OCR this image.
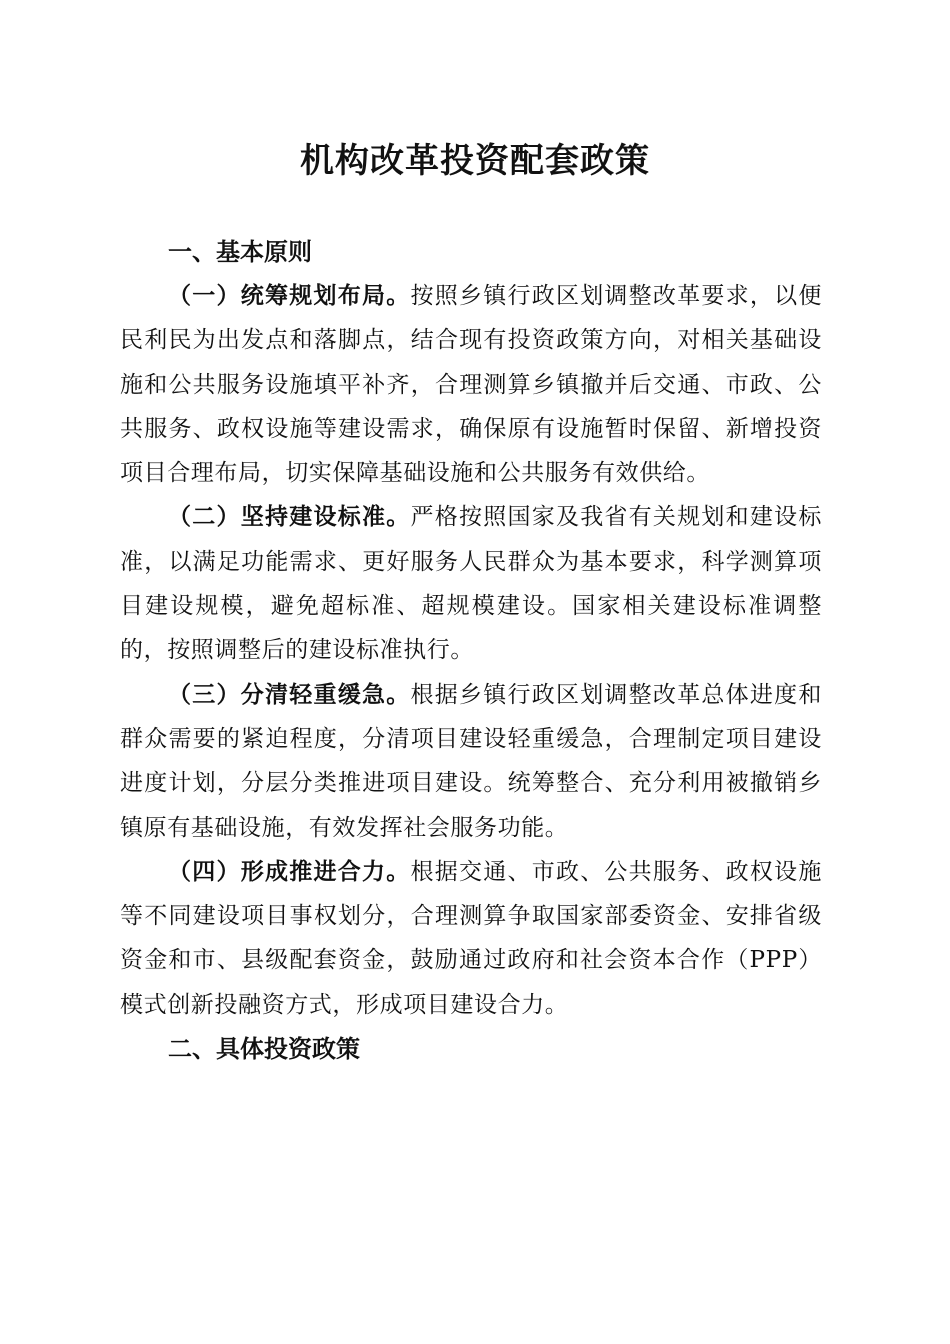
机构改革投资配套政策

一、基本原则

（一）统筹规划布局。按照乡镇行政区划调整改革要求，以便民利民为出发点和落脚点，结合现有投资政策方向，对相关基础设施和公共服务设施填平补齐，合理测算乡镇撤并后交通、市政、公共服务、政权设施等建设需求，确保原有设施暂时保留、新增投资项目合理布局，切实保障基础设施和公共服务有效供给。

（二）坚持建设标准。严格按照国家及我省有关规划和建设标准，以满足功能需求、更好服务人民群众为基本要求，科学测算项目建设规模，避免超标准、超规模建设。国家相关建设标准调整的，按照调整后的建设标准执行。

（三）分清轻重缓急。根据乡镇行政区划调整改革总体进度和群众需要的紧迫程度，分清项目建设轻重缓急，合理制定项目建设进度计划，分层分类推进项目建设。统筹整合、充分利用被撤销乡镇原有基础设施，有效发挥社会服务功能。

（四）形成推进合力。根据交通、市政、公共服务、政权设施等不同建设项目事权划分，合理测算争取国家部委资金、安排省级资金和市、县级配套资金，鼓励通过政府和社会资本合作（PPP）模式创新投融资方式，形成项目建设合力。

二、具体投资政策
